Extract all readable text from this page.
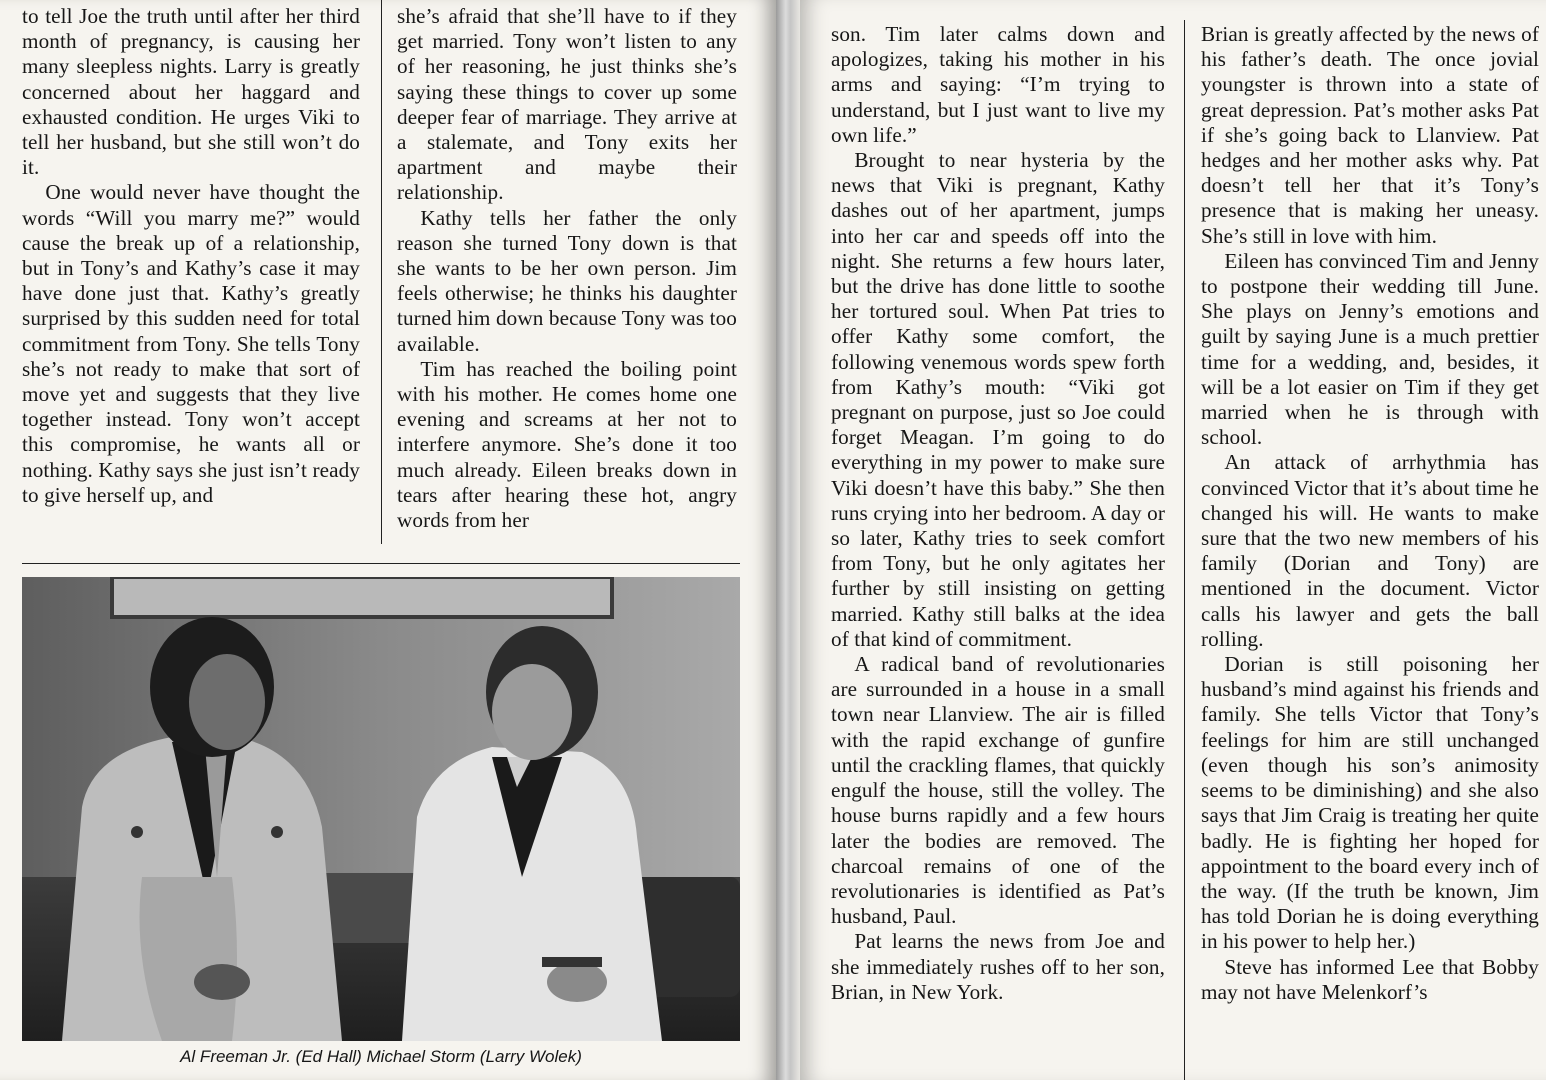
to tell Joe the truth until after her third month of pregnancy, is causing her many sleepless nights. Larry is greatly concerned about her haggard and exhausted condition. He urges Viki to tell her husband, but she still won’t do it.

One would never have thought the words “Will you marry me?” would cause the break up of a relationship, but in Tony’s and Kathy’s case it may have done just that. Kathy’s greatly surprised by this sudden need for total commitment from Tony. She tells Tony she’s not ready to make that sort of move yet and suggests that they live together instead. Tony won’t accept this compromise, he wants all or nothing. Kathy says she just isn’t ready to give herself up, and

she’s afraid that she’ll have to if they get married. Tony won’t listen to any of her reasoning, he just thinks she’s saying these things to cover up some deeper fear of marriage. They arrive at a stalemate, and Tony exits her apartment and maybe their relationship.

Kathy tells her father the only reason she turned Tony down is that she wants to be her own person. Jim feels otherwise; he thinks his daughter turned him down because Tony was too available.

Tim has reached the boiling point with his mother. He comes home one evening and screams at her not to interfere anymore. She’s done it too much already. Eileen breaks down in tears after hearing these hot, angry words from her

Al Freeman Jr. (Ed Hall) Michael Storm (Larry Wolek)

son. Tim later calms down and apologizes, taking his mother in his arms and saying: “I’m trying to understand, but I just want to live my own life.”

Brought to near hysteria by the news that Viki is pregnant, Kathy dashes out of her apartment, jumps into her car and speeds off into the night. She returns a few hours later, but the drive has done little to soothe her tortured soul. When Pat tries to offer Kathy some comfort, the following venemous words spew forth from Kathy’s mouth: “Viki got pregnant on purpose, just so Joe could forget Meagan. I’m going to do everything in my power to make sure Viki doesn’t have this baby.” She then runs crying into her bedroom. A day or so later, Kathy tries to seek comfort from Tony, but he only agitates her further by still insisting on getting married. Kathy still balks at the idea of that kind of commitment.

A radical band of revolutionaries are surrounded in a house in a small town near Llanview. The air is filled with the rapid exchange of gunfire until the crackling flames, that quickly engulf the house, still the volley. The house burns rapidly and a few hours later the bodies are removed. The charcoal remains of one of the revolutionaries is identified as Pat’s husband, Paul.

Pat learns the news from Joe and she immediately rushes off to her son, Brian, in New York.

Brian is greatly affected by the news of his father’s death. The once jovial youngster is thrown into a state of great depression. Pat’s mother asks Pat if she’s going back to Llanview. Pat hedges and her mother asks why. Pat doesn’t tell her that it’s Tony’s presence that is making her uneasy. She’s still in love with him.

Eileen has convinced Tim and Jenny to postpone their wedding till June. She plays on Jenny’s emotions and guilt by saying June is a much prettier time for a wedding, and, besides, it will be a lot easier on Tim if they get married when he is through with school.

An attack of arrhythmia has convinced Victor that it’s about time he changed his will. He wants to make sure that the two new members of his family (Dorian and Tony) are mentioned in the document. Victor calls his lawyer and gets the ball rolling.

Dorian is still poisoning her husband’s mind against his friends and family. She tells Victor that Tony’s feelings for him are still unchanged (even though his son’s animosity seems to be diminishing) and she also says that Jim Craig is treating her quite badly. He is fighting her hoped for appointment to the board every inch of the way. (If the truth be known, Jim has told Dorian he is doing everything in his power to help her.)

Steve has informed Lee that Bobby may not have Melenkorf’s
